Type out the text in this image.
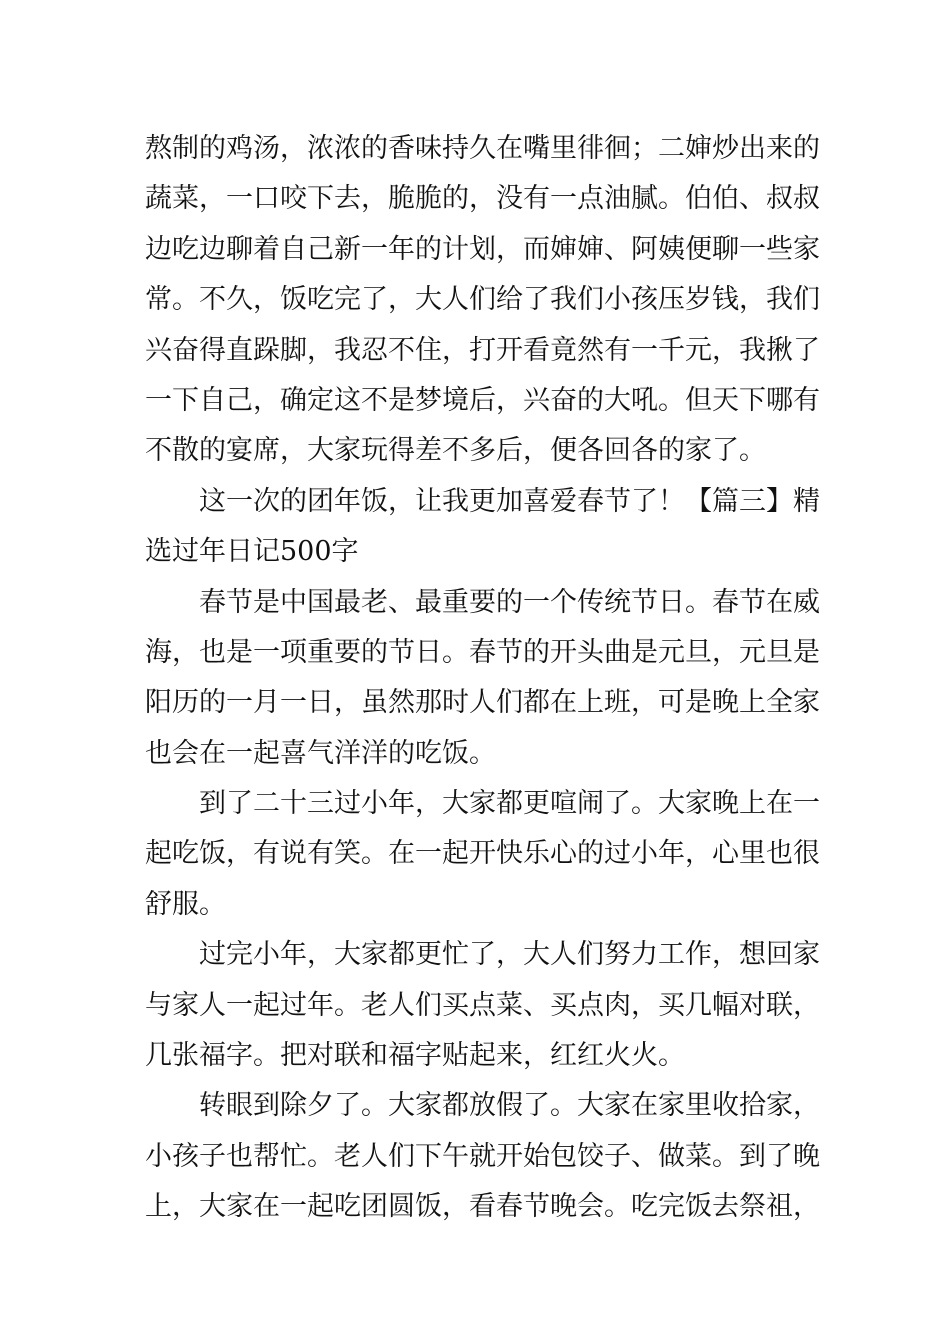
熬制的鸡汤，浓浓的香味持久在嘴里徘徊；二婶炒出来的
蔬菜，一口咬下去，脆脆的，没有一点油腻。伯伯、叔叔
边吃边聊着自己新一年的计划，而婶婶、阿姨便聊一些家
常。不久，饭吃完了，大人们给了我们小孩压岁钱，我们
兴奋得直跺脚，我忍不住，打开看竟然有一千元，我揪了
一下自己，确定这不是梦境后，兴奋的大吼。但天下哪有
不散的宴席，大家玩得差不多后，便各回各的家了。
　　这一次的团年饭，让我更加喜爱春节了！【篇三】精
选过年日记500字
　　春节是中国最老、最重要的一个传统节日。春节在威
海，也是一项重要的节日。春节的开头曲是元旦，元旦是
阳历的一月一日，虽然那时人们都在上班，可是晚上全家
也会在一起喜气洋洋的吃饭。
　　到了二十三过小年，大家都更喧闹了。大家晚上在一
起吃饭，有说有笑。在一起开快乐心的过小年，心里也很
舒服。
　　过完小年，大家都更忙了，大人们努力工作，想回家
与家人一起过年。老人们买点菜、买点肉，买几幅对联，
几张福字。把对联和福字贴起来，红红火火。
　　转眼到除夕了。大家都放假了。大家在家里收拾家，
小孩子也帮忙。老人们下午就开始包饺子、做菜。到了晚
上，大家在一起吃团圆饭，看春节晚会。吃完饭去祭祖，
